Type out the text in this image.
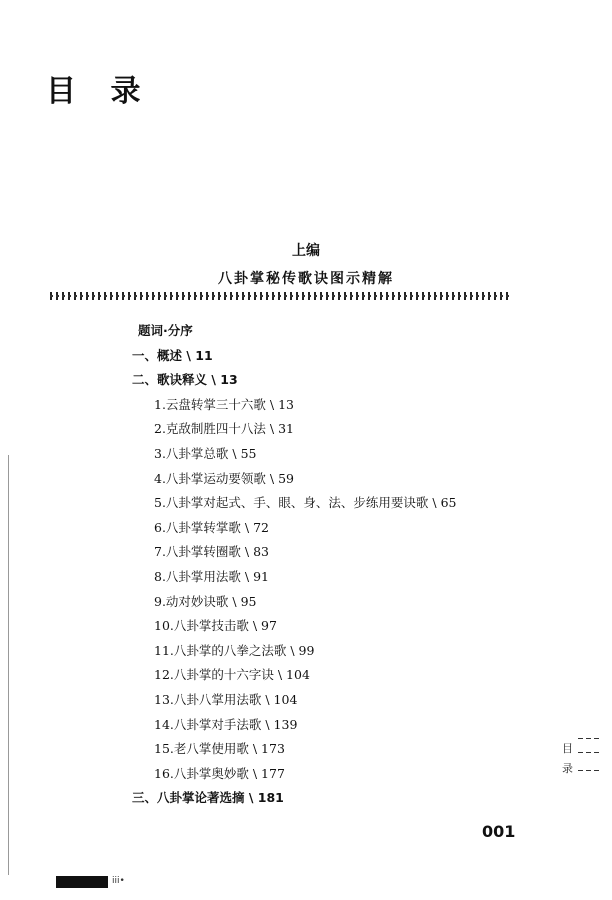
目 录
上编
八卦掌秘传歌诀图示精解
题词·分序
一、概述 \ 11
二、歌诀释义 \ 13
1.云盘转掌三十六歌 \ 13
2.克敌制胜四十八法 \ 31
3.八卦掌总歌 \ 55
4.八卦掌运动要领歌 \ 59
5.八卦掌对起式、手、眼、身、法、步练用要诀歌 \ 65
6.八卦掌转掌歌 \ 72
7.八卦掌转圈歌 \ 83
8.八卦掌用法歌 \ 91
9.动对妙诀歌 \ 95
10.八卦掌技击歌 \ 97
11.八卦掌的八拳之法歌 \ 99
12.八卦掌的十六字诀 \ 104
13.八卦八掌用法歌 \ 104
14.八卦掌对手法歌 \ 139
15.老八掌使用歌 \ 173
16.八卦掌奥妙歌 \ 177
三、八卦掌论著选摘 \ 181
目
录
001
iii•
